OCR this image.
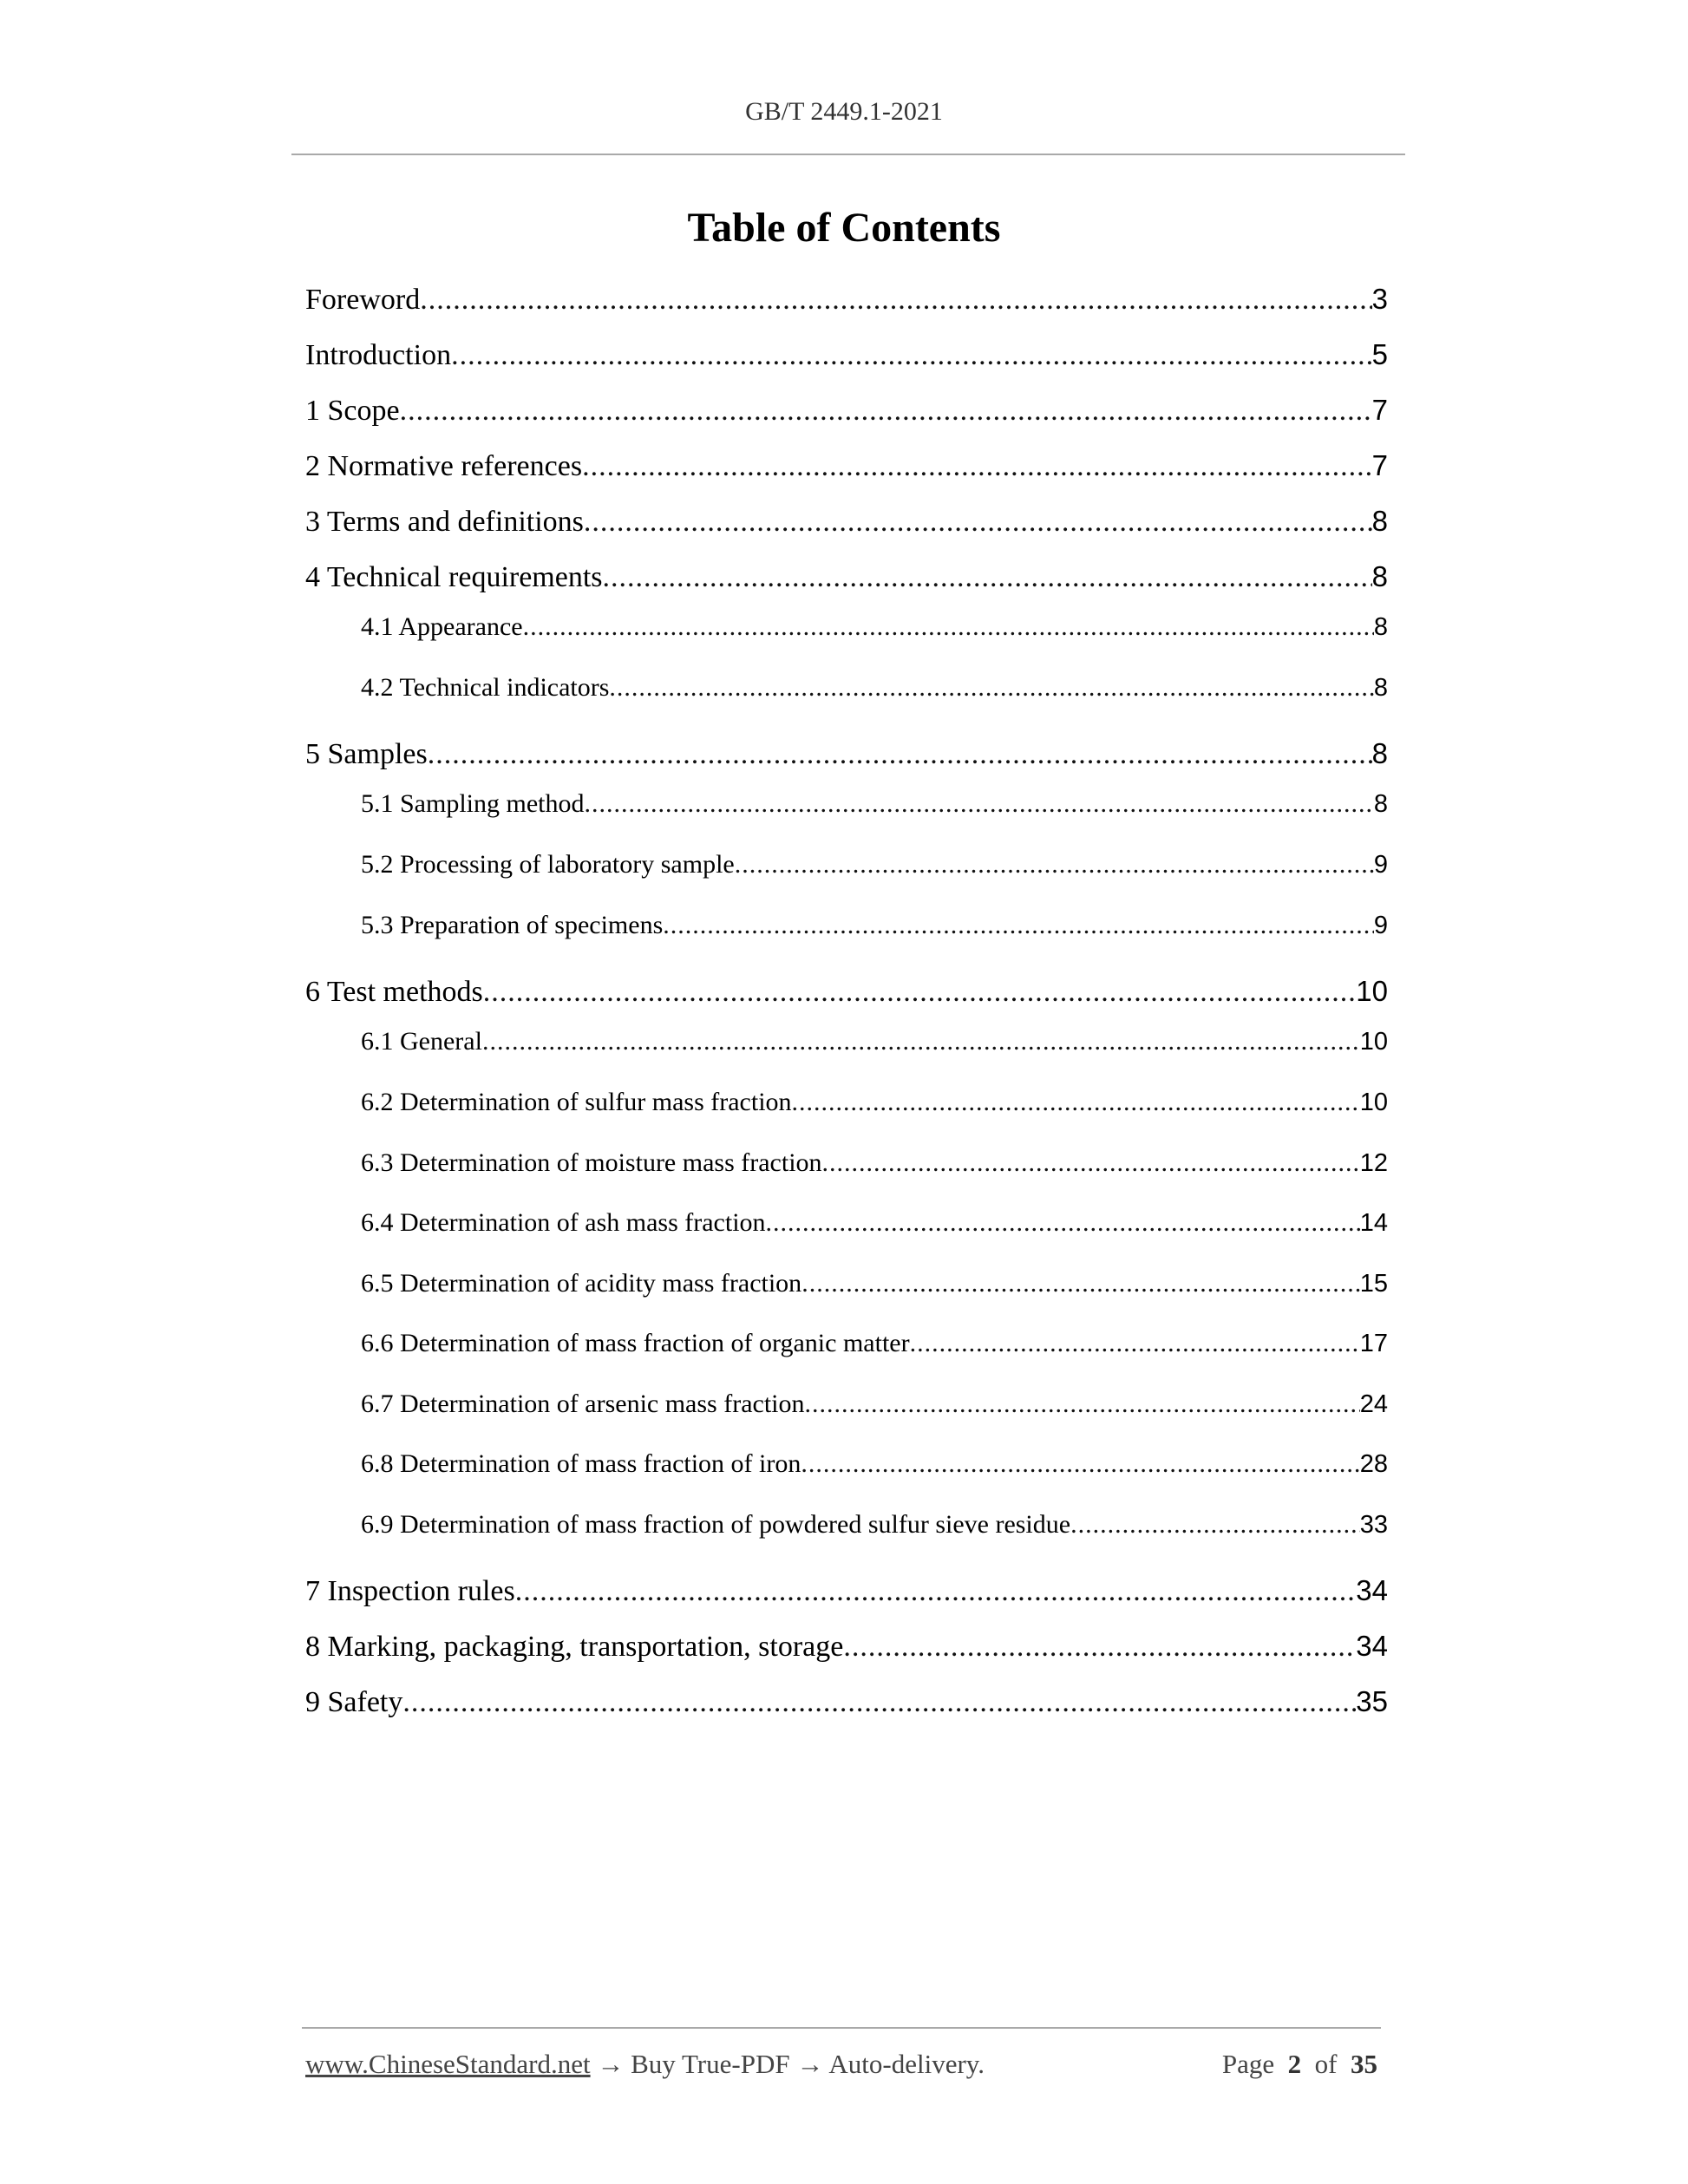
GB/T 2449.1-2021
Table of Contents
Foreword .....	3
Introduction .....	5
1 Scope .....	7
2 Normative references .....	7
3 Terms and definitions .....	8
4 Technical requirements .....	8
4.1 Appearance .....	8
4.2 Technical indicators .....	8
5 Samples .....	8
5.1 Sampling method .....	8
5.2 Processing of laboratory sample .....	9
5.3 Preparation of specimens .....	9
6 Test methods .....	10
6.1 General .....	10
6.2 Determination of sulfur mass fraction .....	10
6.3 Determination of moisture mass fraction .....	12
6.4 Determination of ash mass fraction .....	14
6.5 Determination of acidity mass fraction .....	15
6.6 Determination of mass fraction of organic matter .....	17
6.7 Determination of arsenic mass fraction .....	24
6.8 Determination of mass fraction of iron .....	28
6.9 Determination of mass fraction of powdered sulfur sieve residue .....	33
7 Inspection rules .....	34
8 Marking, packaging, transportation, storage .....	34
9 Safety .....	35
www.ChineseStandard.net → Buy True-PDF → Auto-delivery.	Page 2 of 35
